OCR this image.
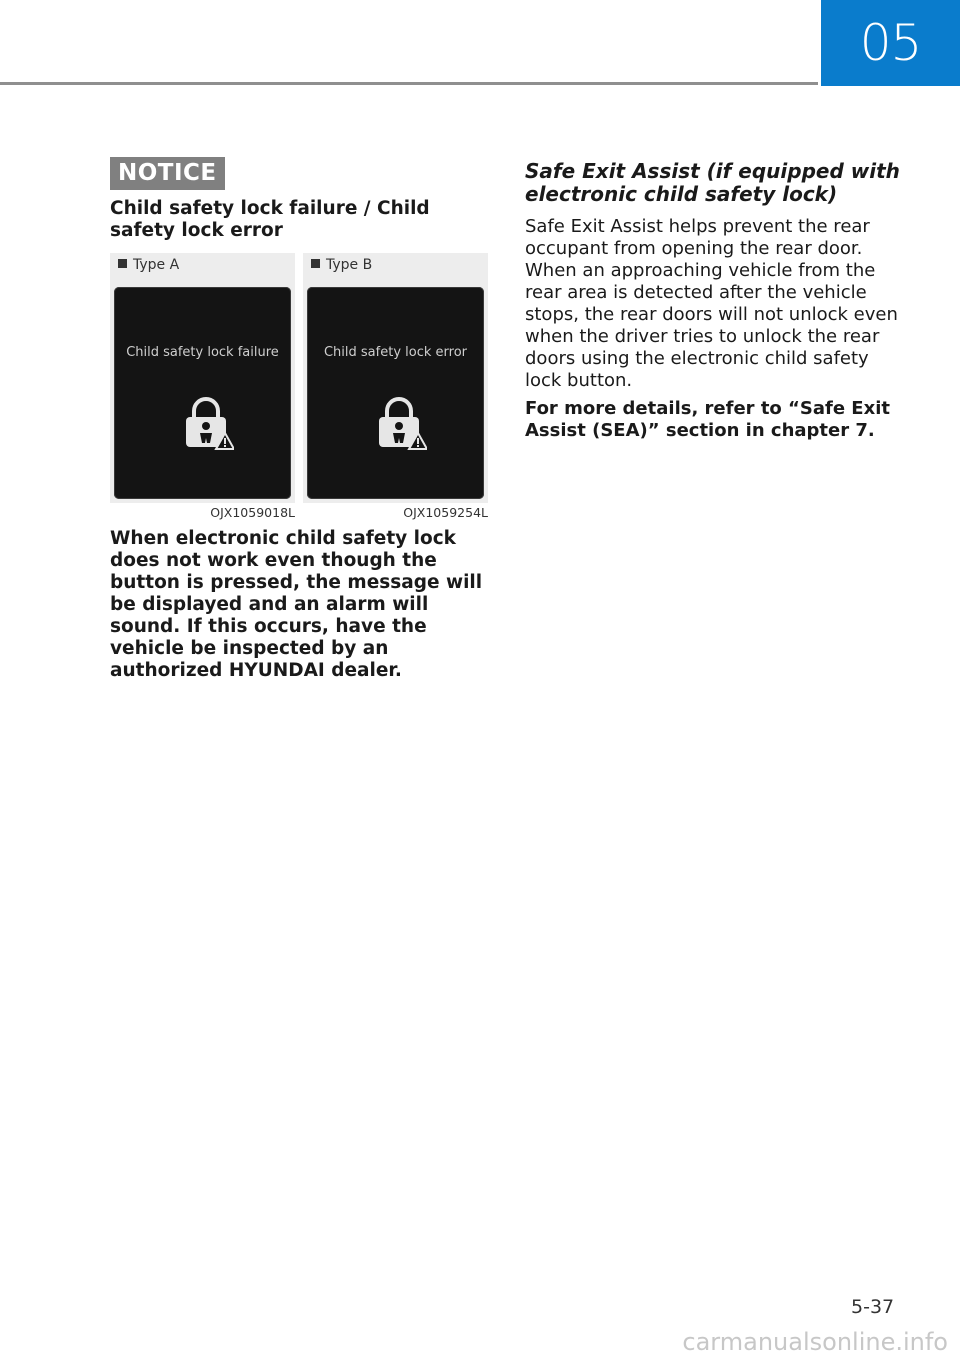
05
NOTICE
Child safety lock failure / Child safety lock error
Type A
Child safety lock failure
OJX1059018L
Type B
Child safety lock error
OJX1059254L
When electronic child safety lock does not work even though the button is pressed, the message will be displayed and an alarm will sound. If this occurs, have the vehicle be inspected by an authorized HYUNDAI dealer.
Safe Exit Assist (if equipped with electronic child safety lock)
Safe Exit Assist helps prevent the rear occupant from opening the rear door. When an approaching vehicle from the rear area is detected after the vehicle stops, the rear doors will not unlock even when the driver tries to unlock the rear doors using the electronic child safety lock button.
For more details, refer to “Safe Exit Assist (SEA)” section in chapter 7.
5-37
carmanualsonline.info
